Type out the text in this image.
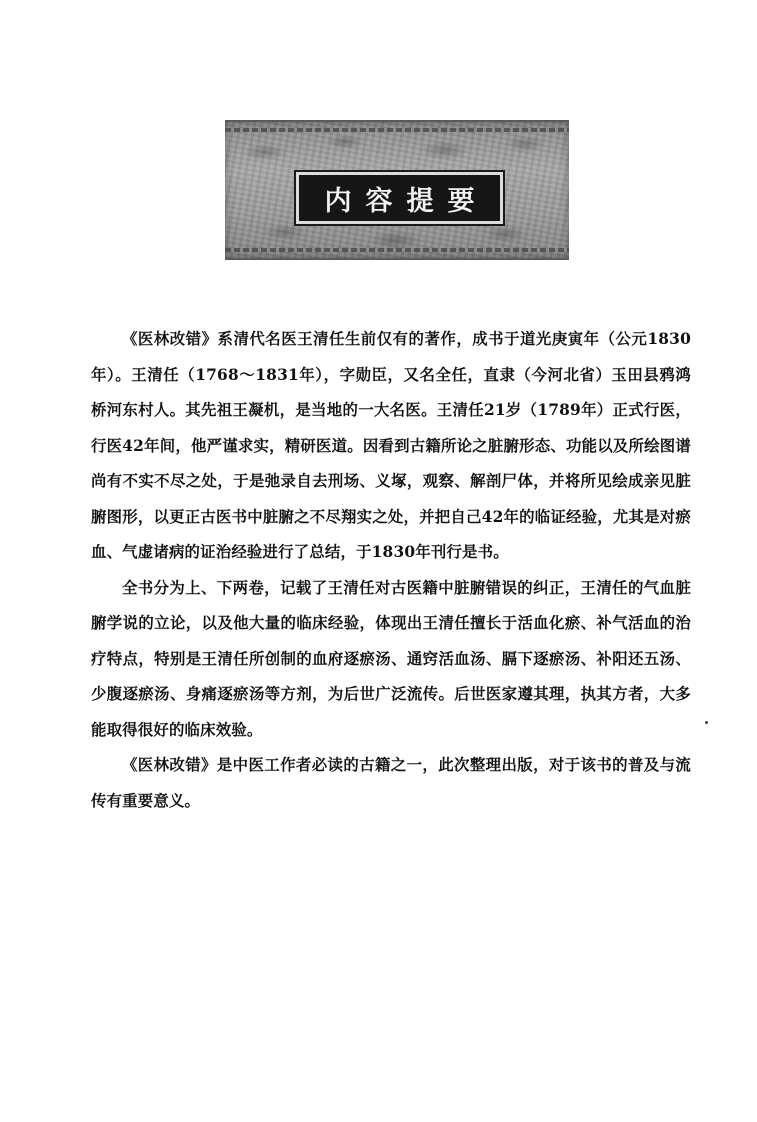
内容提要

《医林改错》系清代名医王清任生前仅有的著作，成书于道光庚寅年（公元1830年）。王清任（1768～1831年），字勋臣，又名全任，直隶（今河北省）玉田县鸦鸿桥河东村人。其先祖王凝机，是当地的一大名医。王清任21岁（1789年）正式行医，行医42年间，他严谨求实，精研医道。因看到古籍所论之脏腑形态、功能以及所绘图谱尚有不实不尽之处，于是弛录自去刑场、义塚，观察、解剖尸体，并将所见绘成亲见脏腑图形，以更正古医书中脏腑之不尽翔实之处，并把自己42年的临证经验，尤其是对瘀血、气虚诸病的证治经验进行了总结，于1830年刊行是书。

全书分为上、下两卷，记载了王清任对古医籍中脏腑错误的纠正，王清任的气血脏腑学说的立论，以及他大量的临床经验，体现出王清任擅长于活血化瘀、补气活血的治疗特点，特别是王清任所创制的血府逐瘀汤、通窍活血汤、膈下逐瘀汤、补阳还五汤、少腹逐瘀汤、身痛逐瘀汤等方剂，为后世广泛流传。后世医家遵其理，执其方者，大多能取得很好的临床效验。

《医林改错》是中医工作者必读的古籍之一，此次整理出版，对于该书的普及与流传有重要意义。
